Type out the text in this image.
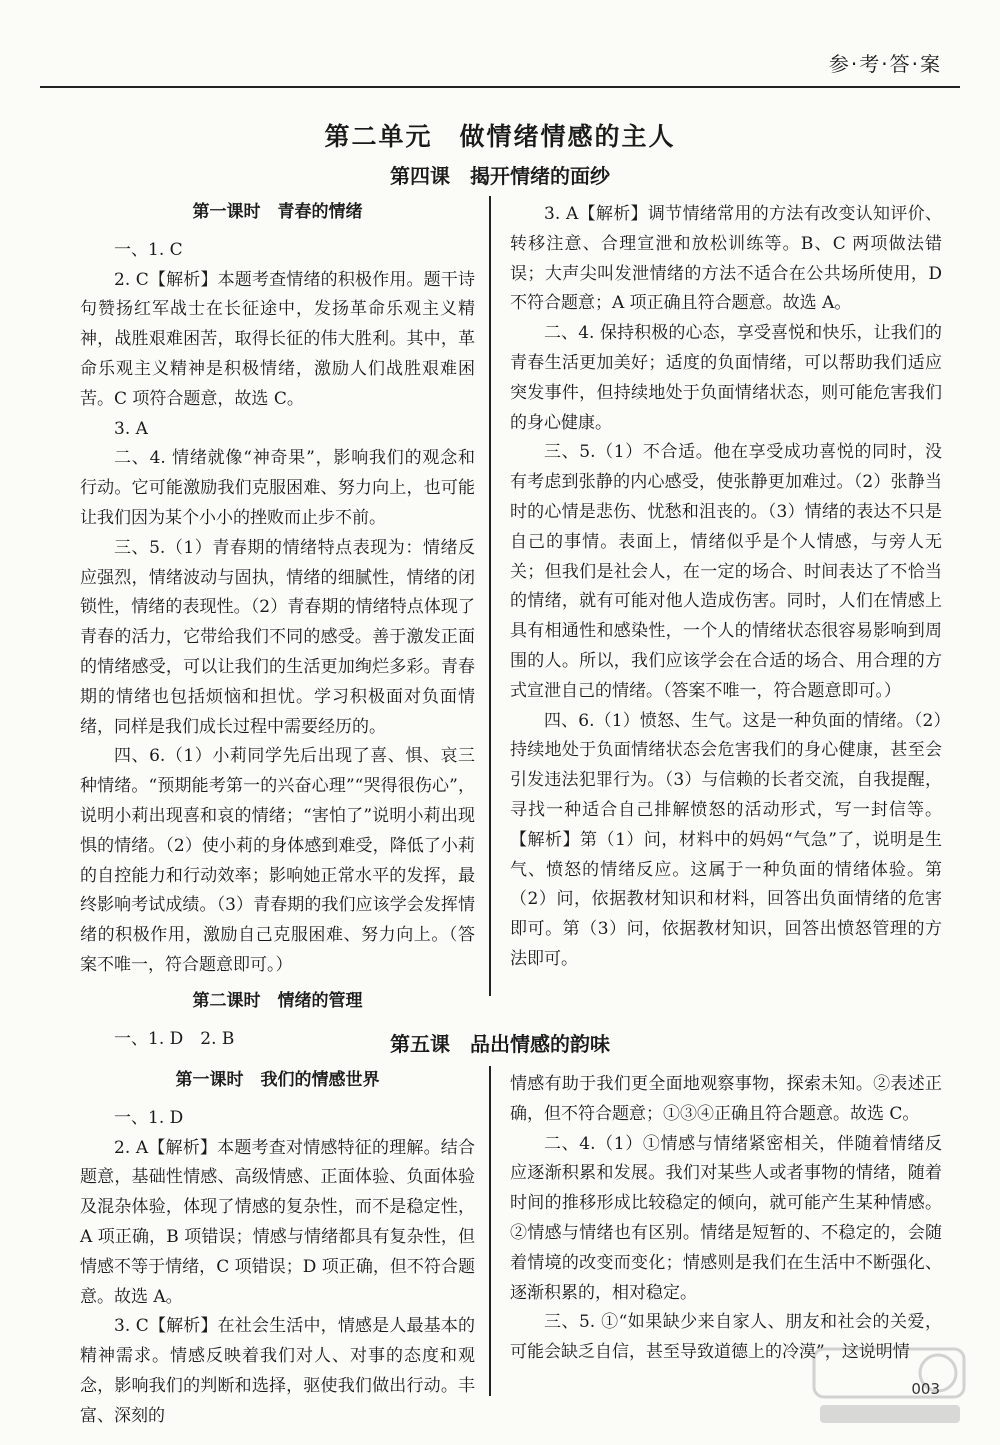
参·考·答·案
第二单元　做情绪情感的主人
第四课　揭开情绪的面纱
第一课时　青春的情绪

一、1. C

2. C【解析】本题考查情绪的积极作用。题干诗句赞扬红军战士在长征途中，发扬革命乐观主义精神，战胜艰难困苦，取得长征的伟大胜利。其中，革命乐观主义精神是积极情绪，激励人们战胜艰难困苦。C 项符合题意，故选 C。

3. A

二、4. 情绪就像“神奇果”，影响我们的观念和行动。它可能激励我们克服困难、努力向上，也可能让我们因为某个小小的挫败而止步不前。

三、5.（1）青春期的情绪特点表现为：情绪反应强烈，情绪波动与固执，情绪的细腻性，情绪的闭锁性，情绪的表现性。（2）青春期的情绪特点体现了青春的活力，它带给我们不同的感受。善于激发正面的情绪感受，可以让我们的生活更加绚烂多彩。青春期的情绪也包括烦恼和担忧。学习积极面对负面情绪，同样是我们成长过程中需要经历的。

四、6.（1）小莉同学先后出现了喜、惧、哀三种情绪。“预期能考第一的兴奋心理”“哭得很伤心”，说明小莉出现喜和哀的情绪；“害怕了”说明小莉出现惧的情绪。（2）使小莉的身体感到难受，降低了小莉的自控能力和行动效率；影响她正常水平的发挥，最终影响考试成绩。（3）青春期的我们应该学会发挥情绪的积极作用，激励自己克服困难、努力向上。（答案不唯一，符合题意即可。）

第二课时　情绪的管理

一、1. D　2. B

3. A【解析】调节情绪常用的方法有改变认知评价、转移注意、合理宣泄和放松训练等。B、C 两项做法错误；大声尖叫发泄情绪的方法不适合在公共场所使用，D 不符合题意；A 项正确且符合题意。故选 A。

二、4. 保持积极的心态，享受喜悦和快乐，让我们的青春生活更加美好；适度的负面情绪，可以帮助我们适应突发事件，但持续地处于负面情绪状态，则可能危害我们的身心健康。

三、5.（1）不合适。他在享受成功喜悦的同时，没有考虑到张静的内心感受，使张静更加难过。（2）张静当时的心情是悲伤、忧愁和沮丧的。（3）情绪的表达不只是自己的事情。表面上，情绪似乎是个人情感，与旁人无关；但我们是社会人，在一定的场合、时间表达了不恰当的情绪，就有可能对他人造成伤害。同时，人们在情感上具有相通性和感染性，一个人的情绪状态很容易影响到周围的人。所以，我们应该学会在合适的场合、用合理的方式宣泄自己的情绪。（答案不唯一，符合题意即可。）

四、6.（1）愤怒、生气。这是一种负面的情绪。（2）持续地处于负面情绪状态会危害我们的身心健康，甚至会引发违法犯罪行为。（3）与信赖的长者交流，自我提醒，寻找一种适合自己排解愤怒的活动形式，写一封信等。【解析】第（1）问，材料中的妈妈“气急”了，说明是生气、愤怒的情绪反应。这属于一种负面的情绪体验。第（2）问，依据教材知识和材料，回答出负面情绪的危害即可。第（3）问，依据教材知识，回答出愤怒管理的方法即可。

第五课　品出情感的韵味
第一课时　我们的情感世界

一、1. D

2. A【解析】本题考查对情感特征的理解。结合题意，基础性情感、高级情感、正面体验、负面体验及混杂体验，体现了情感的复杂性，而不是稳定性，A 项正确，B 项错误；情感与情绪都具有复杂性，但情感不等于情绪，C 项错误；D 项正确，但不符合题意。故选 A。

3. C【解析】在社会生活中，情感是人最基本的精神需求。情感反映着我们对人、对事的态度和观念，影响我们的判断和选择，驱使我们做出行动。丰富、深刻的

情感有助于我们更全面地观察事物，探索未知。②表述正确，但不符合题意；①③④正确且符合题意。故选 C。

二、4.（1）①情感与情绪紧密相关，伴随着情绪反应逐渐积累和发展。我们对某些人或者事物的情绪，随着时间的推移形成比较稳定的倾向，就可能产生某种情感。②情感与情绪也有区别。情绪是短暂的、不稳定的，会随着情境的改变而变化；情感则是我们在生活中不断强化、逐渐积累的，相对稳定。

三、5. ①“如果缺少来自家人、朋友和社会的关爱，可能会缺乏自信，甚至导致道德上的冷漠”，这说明情

003
